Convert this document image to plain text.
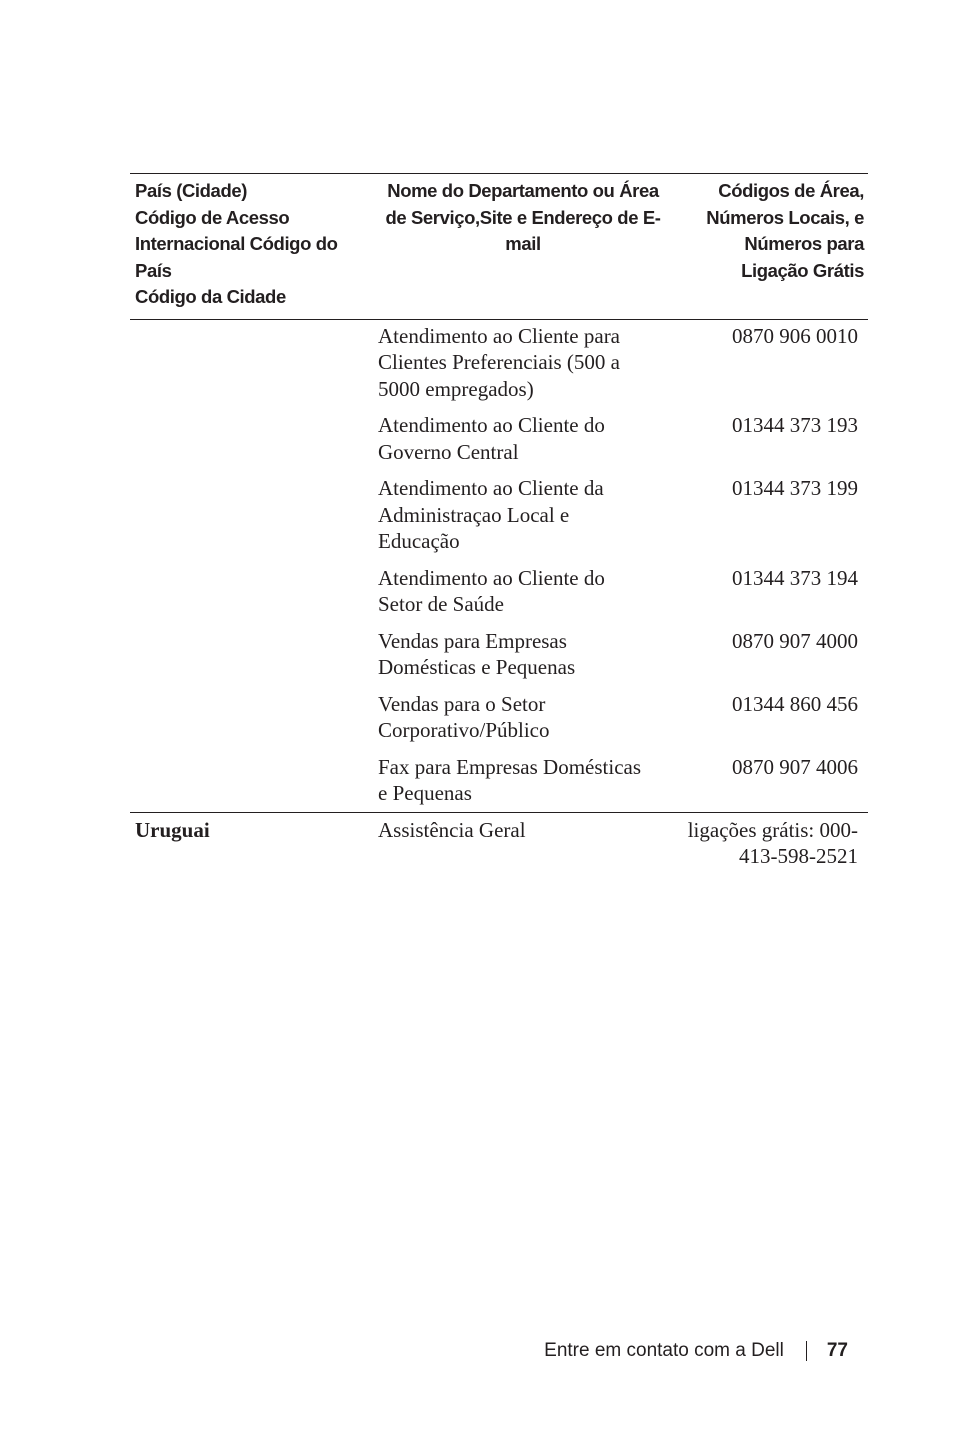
País (Cidade)
Código de Acesso
Internacional Código do
País
Código da Cidade
Nome do Departamento ou Área
de Serviço,Site e Endereço de E-
mail
Códigos de Área,
Números Locais, e
Números para
Ligação Grátis
Atendimento ao Cliente para
Clientes Preferenciais (500 a
5000 empregados)
0870 906 0010
Atendimento ao Cliente do
Governo Central
01344 373 193
Atendimento ao Cliente da
Administraçao Local e
Educação
01344 373 199
Atendimento ao Cliente do
Setor de Saúde
01344 373 194
Vendas para Empresas
Domésticas e Pequenas
0870 907 4000
Vendas para o Setor
Corporativo/Público
01344 860 456
Fax para Empresas Domésticas
e Pequenas
0870 907 4006
Uruguai	Assistência Geral	ligações grátis: 000-
413-598-2521
Entre em contato com a Dell 77
